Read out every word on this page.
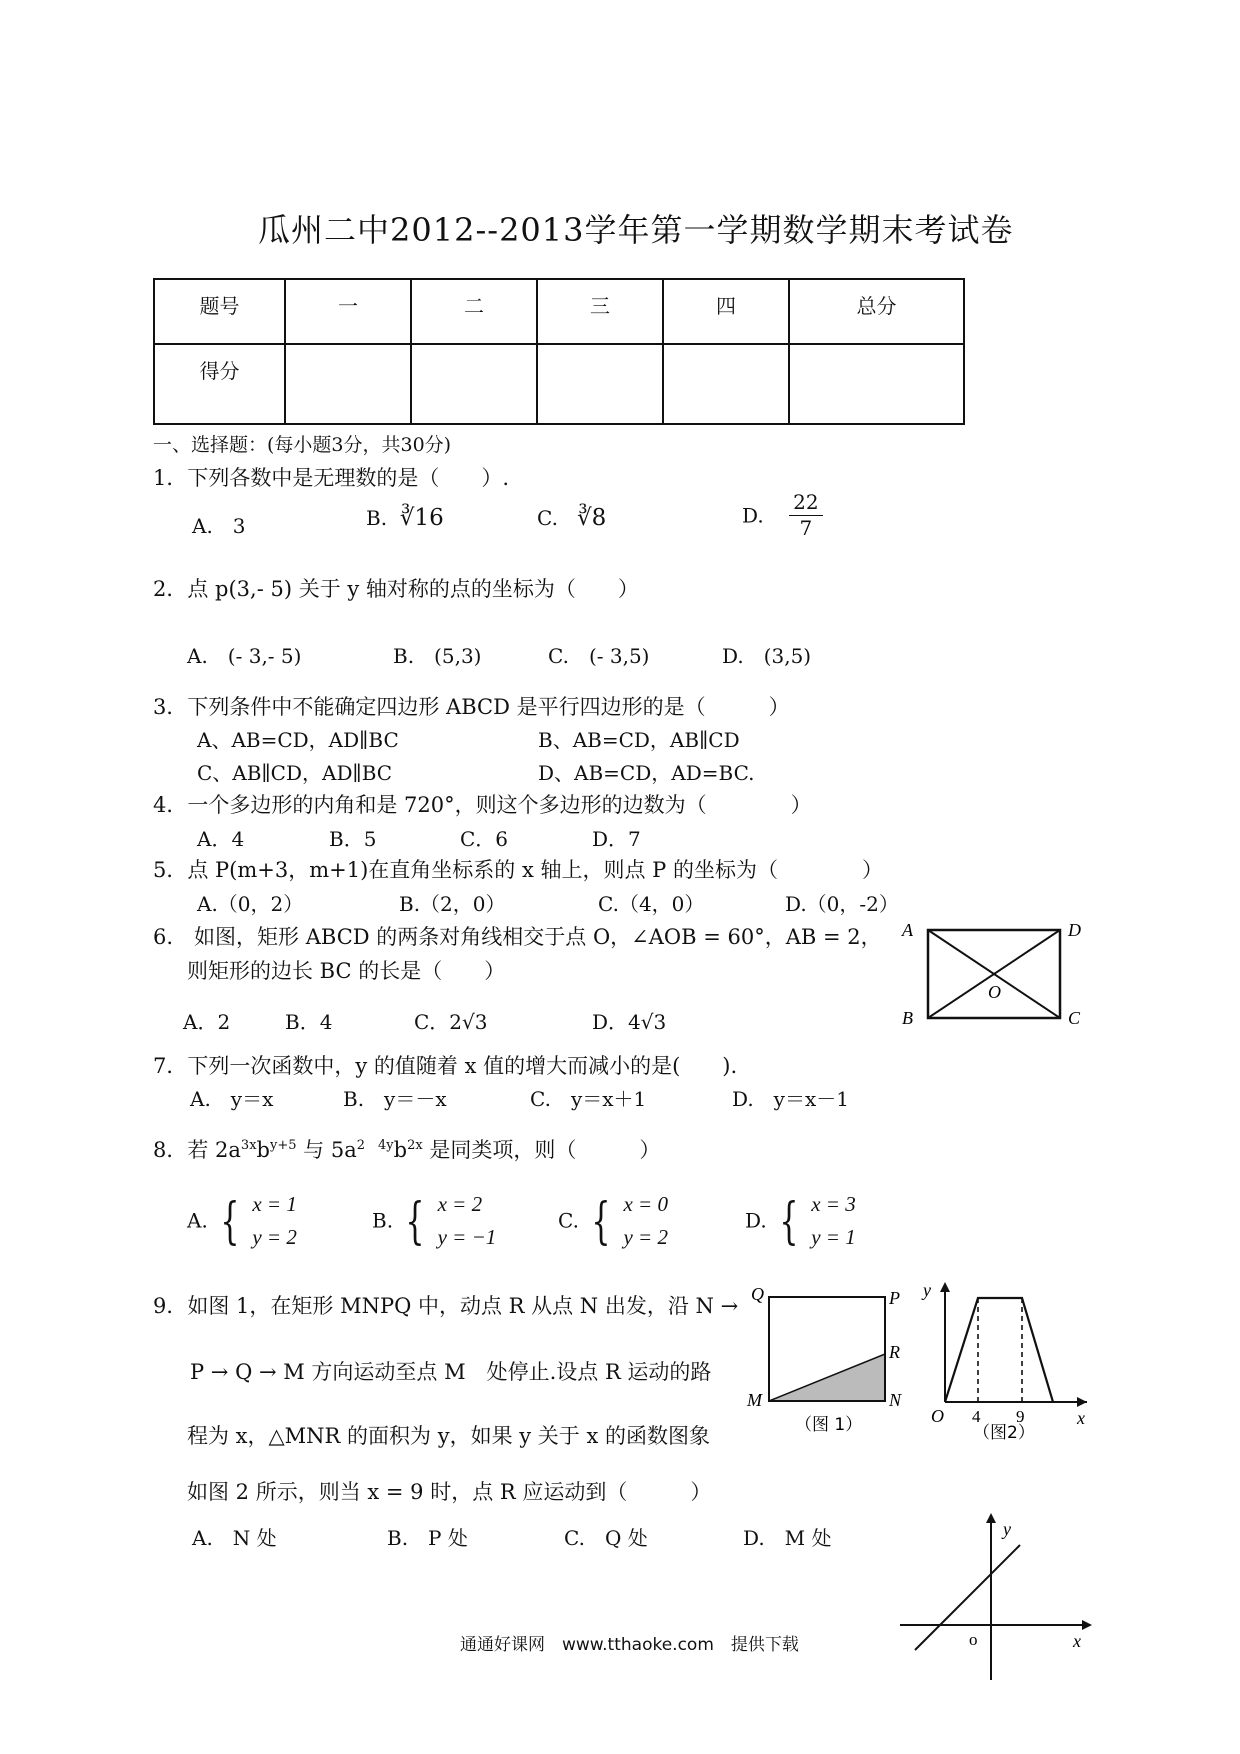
瓜州二中2012--2013学年第一学期数学期末考试卷
题号	一	二	三	四	总分
得分					
一、选择题：(每小题3分，共30分)
1．下列各数中是无理数的是（　　）.
A.　3	B. ∛16	C. ∛8	D. $\frac{22}{7}$
2．点 p(3,- 5) 关于 y 轴对称的点的坐标为（　　）
A.　(- 3,- 5)	B.　(5,3)	C.　(- 3,5)	D.　(3,5)
3．下列条件中不能确定四边形 ABCD 是平行四边形的是（　　　）
A、AB=CD，AD∥BC	B、AB=CD，AB∥CD
C、AB∥CD，AD∥BC	D、AB=CD，AD=BC.
4．一个多边形的内角和是 720°，则这个多边形的边数为（　　　　）
A．4	B．5	C．6	D．7
5．点 P(m+3，m+1)在直角坐标系的 x 轴上，则点 P 的坐标为（　　　　）
A.（0，2）	B.（2，0）	C.（4，0）	D.（0，-2）
6.　如图，矩形 ABCD 的两条对角线相交于点 O，∠AOB = 60°，AB = 2，
则矩形的边长 BC 的长是（　　）
A．2	B．4	C．2√3	D．4√3
A	D
B	C
O
7．下列一次函数中，y 的值随着 x 值的增大而减小的是(　　).
A.　y＝x	B.　y＝－x	C.　y＝x＋1	D.　y＝x－1
8．若 $2a^{3x}b^{y+5}$ 与 $5a^{2 4y}b^{2x}$ 是同类项，则（　　　）
A. { x = 1
y = 2
B. { x = 2
y = −1
C. { x = 0
y = 2
D. { x = 3
y = 1
9．如图 1，在矩形 MNPQ 中，动点 R 从点 N 出发，沿 N →
P → Q → M 方向运动至点 M　处停止.设点 R 运动的路
程为 x，△MNR 的面积为 y，如果 y 关于 x 的函数图象
如图 2 所示，则当 x = 9 时，点 R 应运动到（　　　）
A.　N 处	B.　P 处	C.　Q 处	D.　M 处
Q	P
R
M	N
（图 1）
y
x
O 4 9
（图2）
y
x
o
通通好课网　www.tthaoke.com　提供下载
